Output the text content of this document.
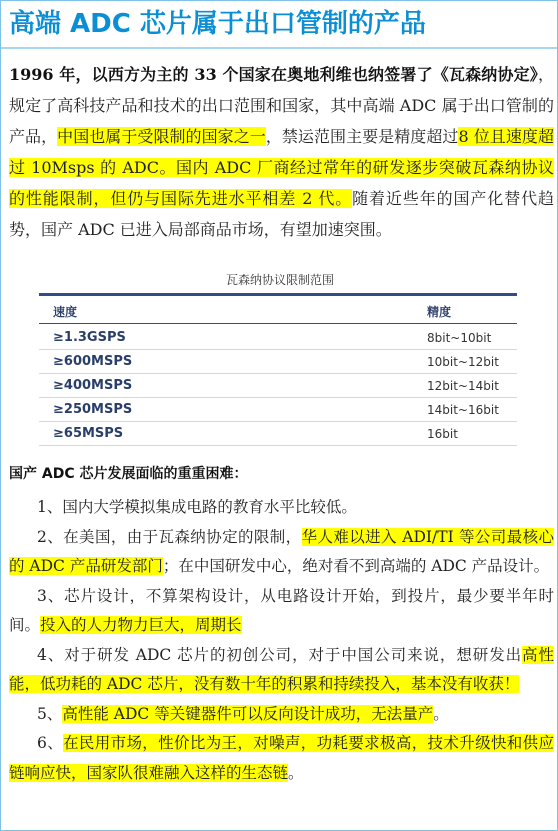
高端 ADC 芯片属于出口管制的产品
1996 年，以西方为主的 33 个国家在奥地利维也纳签署了《瓦森纳协定》，规定了高科技产品和技术的出口范围和国家，其中高端 ADC 属于出口管制的产品，中国也属于受限制的国家之一，禁运范围主要是精度超过8 位且速度超过 10Msps 的 ADC。国内 ADC 厂商经过常年的研发逐步突破瓦森纳协议的性能限制，但仍与国际先进水平相差 2 代。随着近些年的国产化替代趋势，国产 ADC 已进入局部商品市场，有望加速突围。
瓦森纳协议限制范围
速度	精度
≥1.3GSPS	8bit~10bit
≥600MSPS	10bit~12bit
≥400MSPS	12bit~14bit
≥250MSPS	14bit~16bit
≥65MSPS	16bit
国产 ADC 芯片发展面临的重重困难：

1、国内大学模拟集成电路的教育水平比较低。

2、在美国，由于瓦森纳协定的限制，华人难以进入 ADI/TI 等公司最核心的 ADC 产品研发部门；在中国研发中心，绝对看不到高端的 ADC 产品设计。

3、芯片设计，不算架构设计，从电路设计开始，到投片，最少要半年时间。投入的人力物力巨大，周期长

4、对于研发 ADC 芯片的初创公司，对于中国公司来说，想研发出高性能，低功耗的 ADC 芯片，没有数十年的积累和持续投入，基本没有收获！

5、高性能 ADC 等关键器件可以反向设计成功，无法量产。

6、在民用市场，性价比为王，对噪声，功耗要求极高，技术升级快和供应链响应快，国家队很难融入这样的生态链。
